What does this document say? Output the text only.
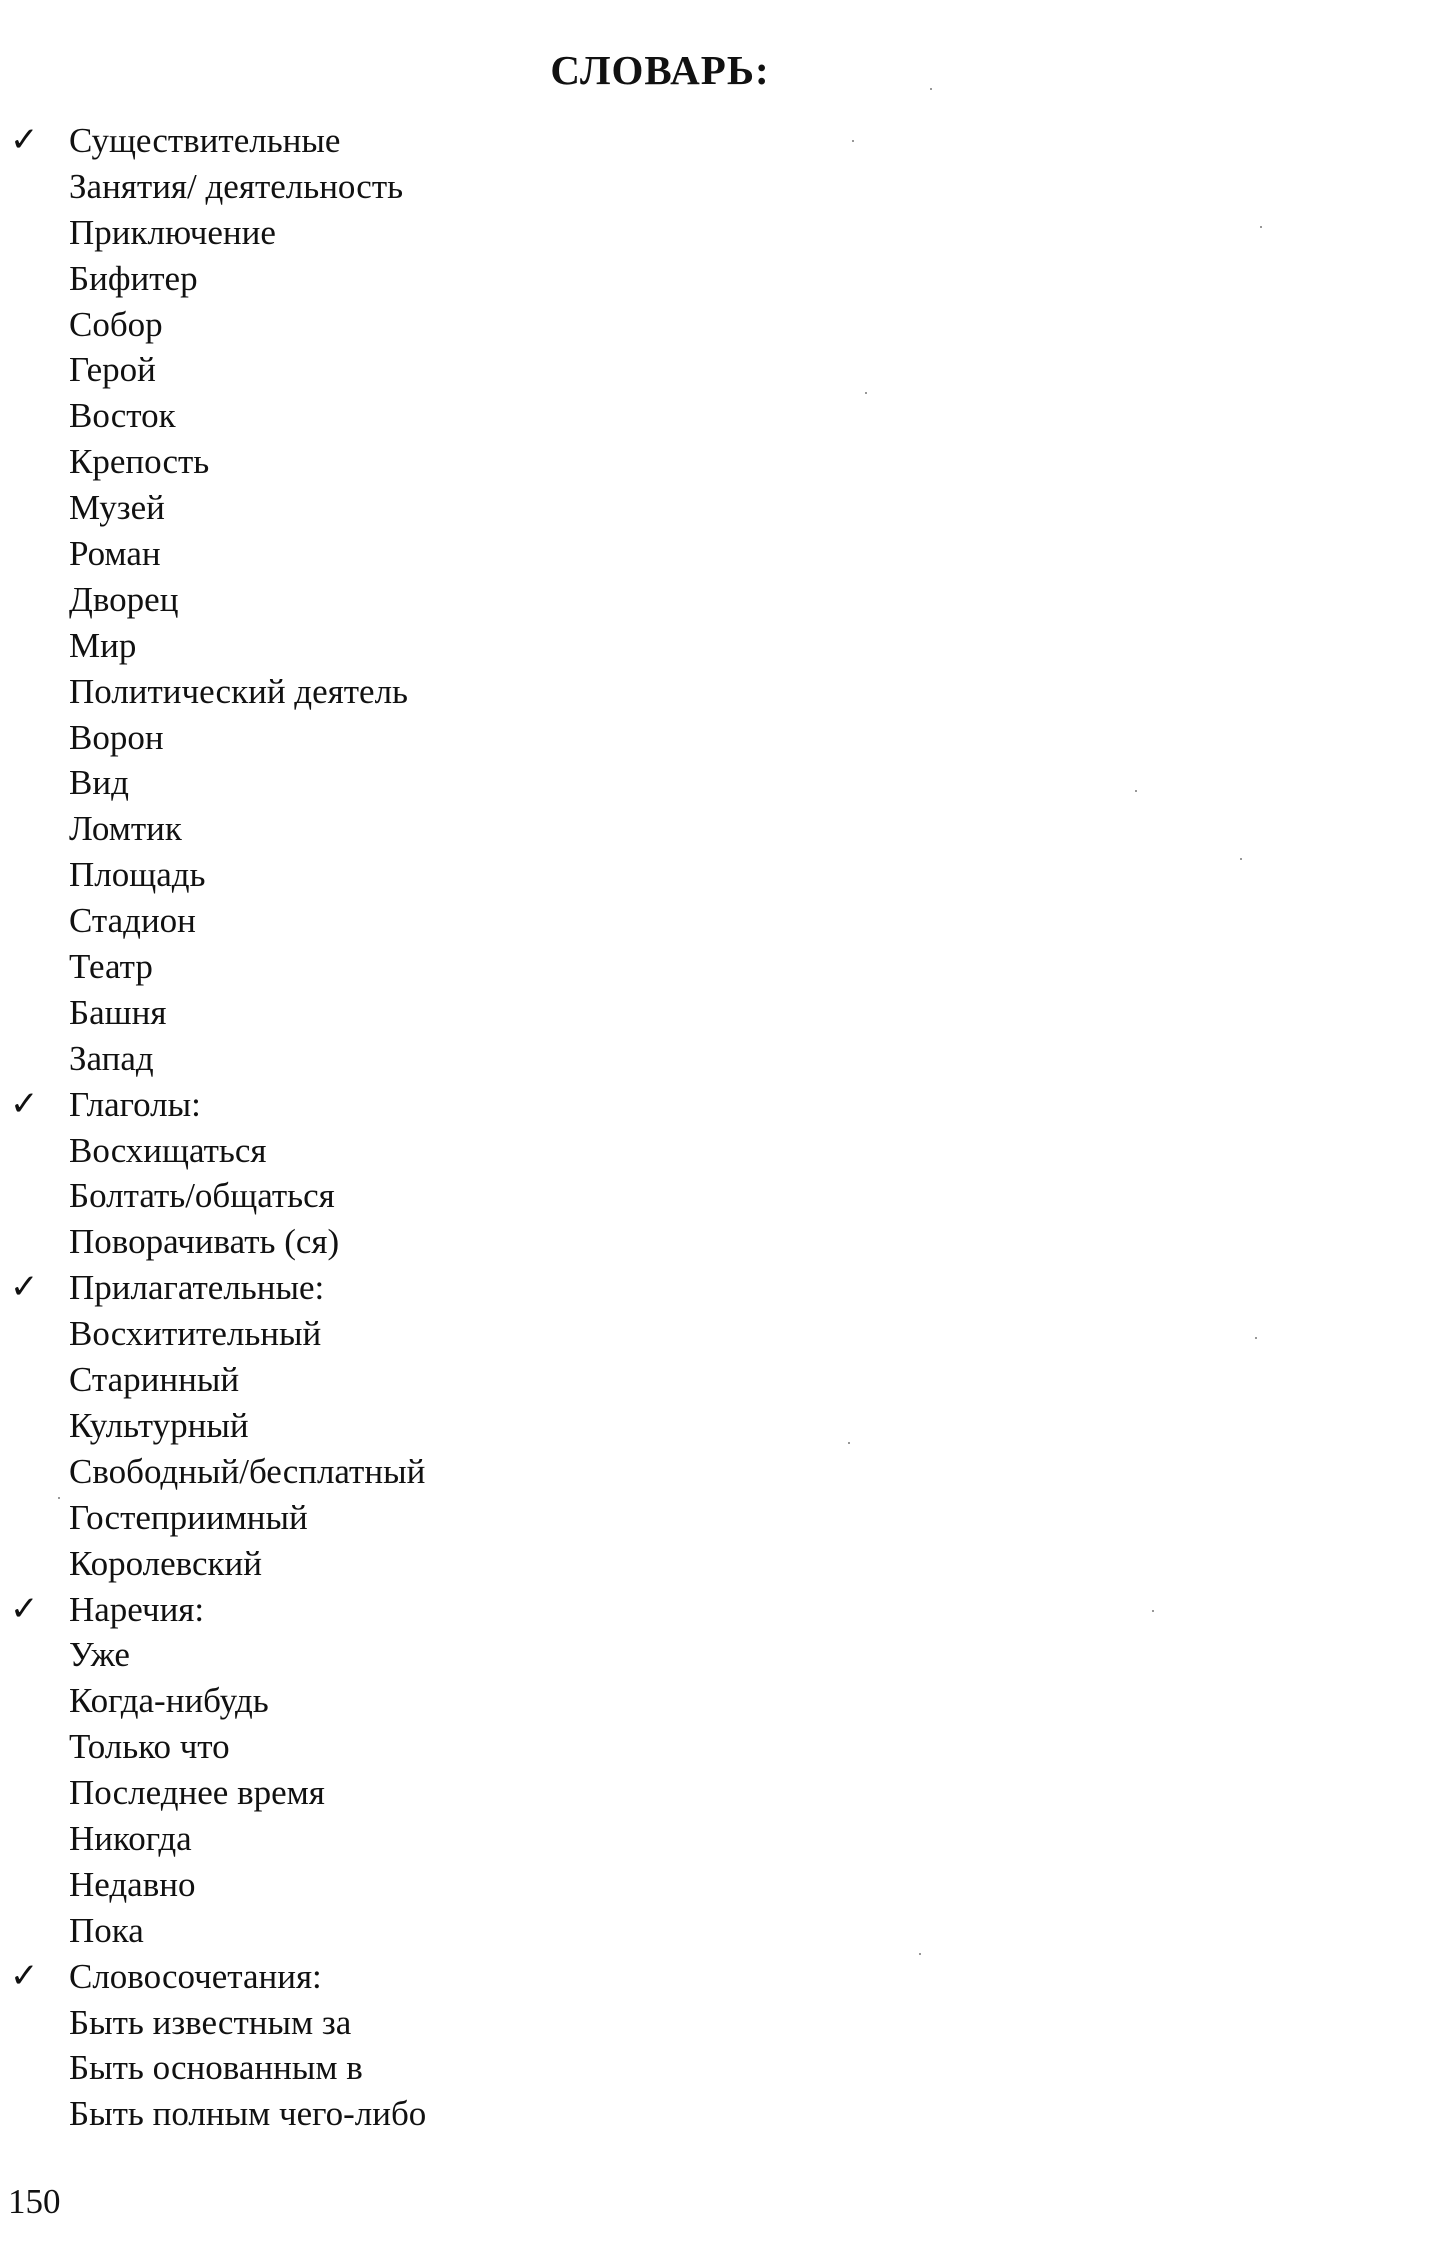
СЛОВАРЬ:
✓ Существительные
Занятия/ деятельность
Приключение
Бифитер
Собор
Герой
Восток
Крепость
Музей
Роман
Дворец
Мир
Политический деятель
Ворон
Вид
Ломтик
Площадь
Стадион
Театр
Башня
Запад
✓ Глаголы:
Восхищаться
Болтать/общаться
Поворачивать (ся)
✓ Прилагательные:
Восхитительный
Старинный
Культурный
Свободный/бесплатный
Гостеприимный
Королевский
✓ Наречия:
Уже
Когда-нибудь
Только что
Последнее время
Никогда
Недавно
Пока
✓ Словосочетания:
Быть известным за
Быть основанным в
Быть полным чего-либо
150
